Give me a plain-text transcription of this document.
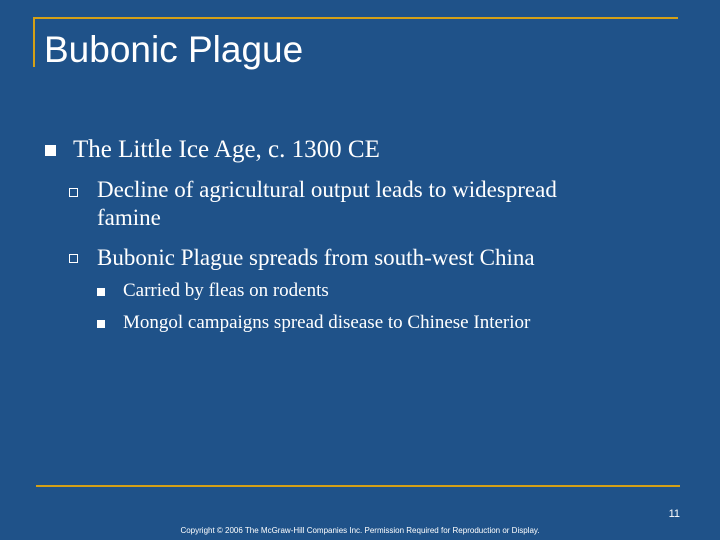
Bubonic Plague
The Little Ice Age, c. 1300 CE
Decline of agricultural output leads to widespread
famine
Bubonic Plague spreads from south-west China
Carried by fleas on rodents
Mongol campaigns spread disease to Chinese Interior
11
Copyright © 2006 The McGraw-Hill Companies Inc. Permission Required for Reproduction or Display.
